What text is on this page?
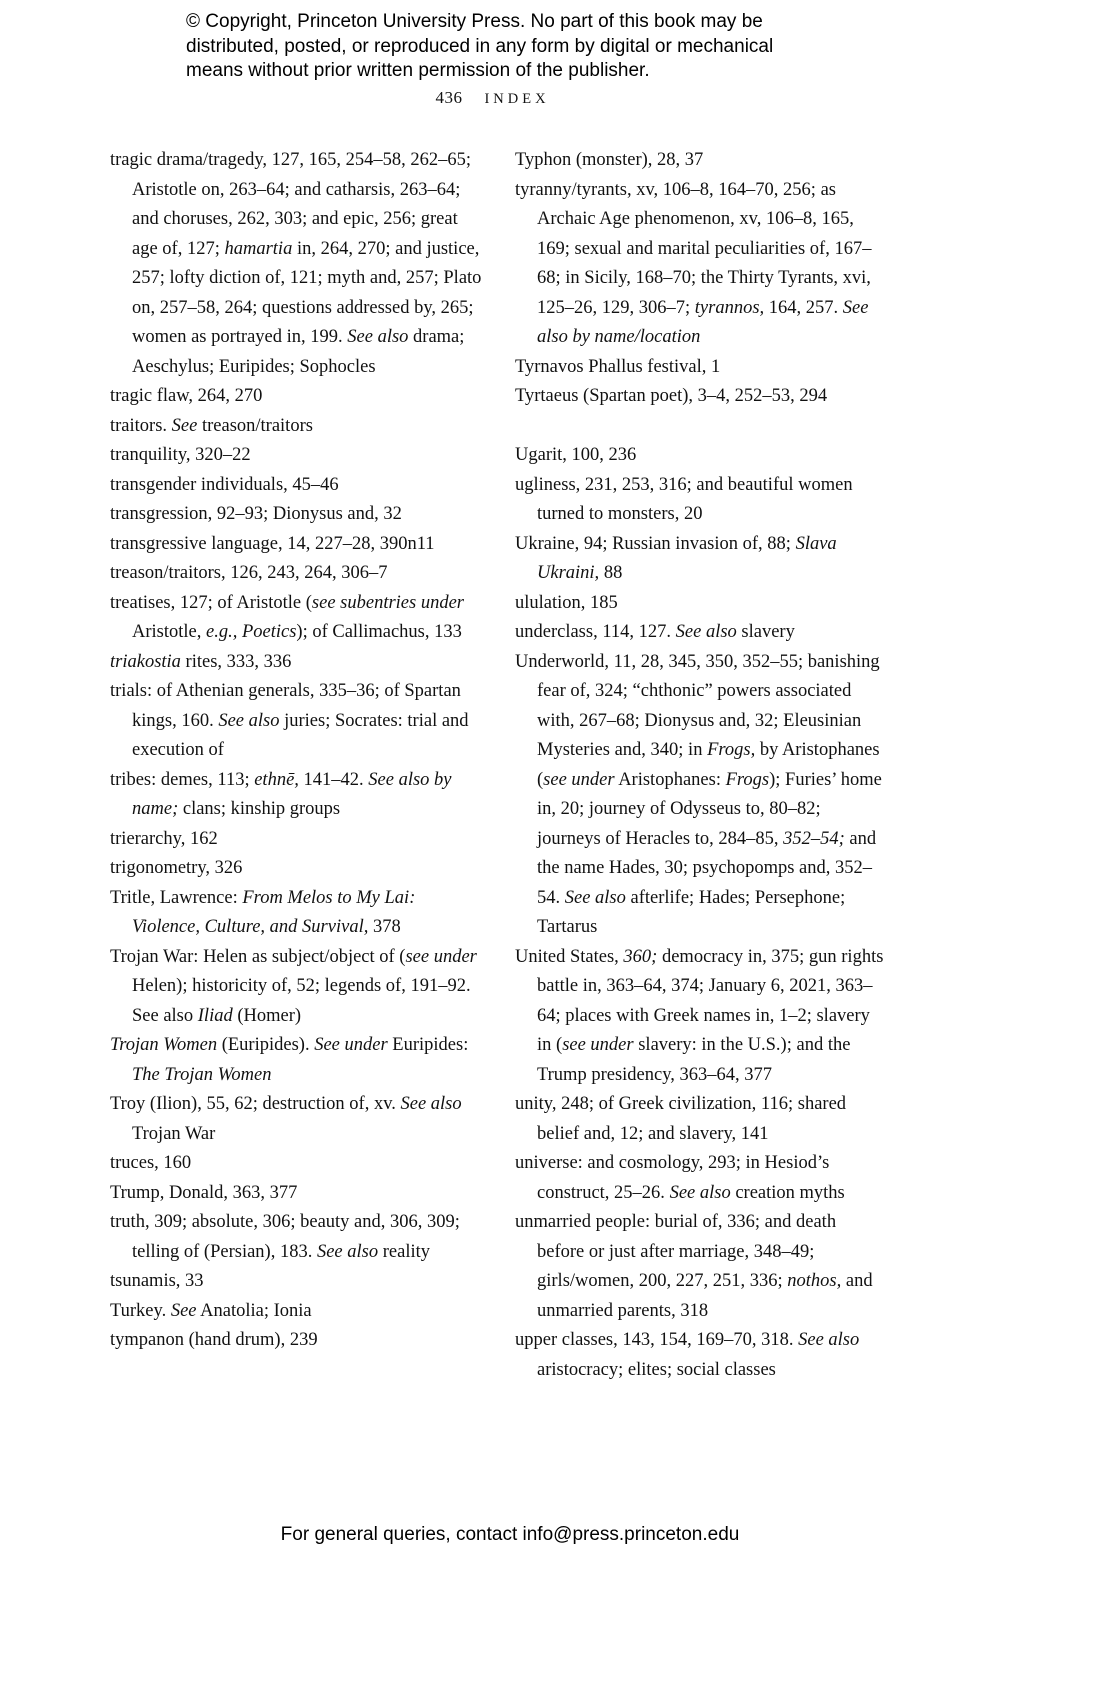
© Copyright, Princeton University Press. No part of this book may be
distributed, posted, or reproduced in any form by digital or mechanical
means without prior written permission of the publisher.
436 INDEX

tragic drama/tragedy, 127, 165, 254–58, 262–65; Aristotle on, 263–64; and catharsis, 263–64; and choruses, 262, 303; and epic, 256; great age of, 127; hamartia in, 264, 270; and justice, 257; lofty diction of, 121; myth and, 257; Plato on, 257–58, 264; questions addressed by, 265; women as portrayed in, 199. See also drama; Aeschylus; Euripides; Sophocles

tragic flaw, 264, 270

traitors. See treason/traitors

tranquility, 320–22

transgender individuals, 45–46

transgression, 92–93; Dionysus and, 32

transgressive language, 14, 227–28, 390n11

treason/traitors, 126, 243, 264, 306–7

treatises, 127; of Aristotle (see subentries under Aristotle, e.g., Poetics); of Callimachus, 133

triakostia rites, 333, 336

trials: of Athenian generals, 335–36; of Spartan kings, 160. See also juries; Socrates: trial and execution of

tribes: demes, 113; ethnē, 141–42. See also by name; clans; kinship groups

trierarchy, 162

trigonometry, 326

Tritle, Lawrence: From Melos to My Lai: Violence, Culture, and Survival, 378

Trojan War: Helen as subject/object of (see under Helen); historicity of, 52; legends of, 191–92. See also Iliad (Homer)

Trojan Women (Euripides). See under Euripides: The Trojan Women

Troy (Ilion), 55, 62; destruction of, xv. See also Trojan War

truces, 160

Trump, Donald, 363, 377

truth, 309; absolute, 306; beauty and, 306, 309; telling of (Persian), 183. See also reality

tsunamis, 33

Turkey. See Anatolia; Ionia

tympanon (hand drum), 239

Typhon (monster), 28, 37

tyranny/tyrants, xv, 106–8, 164–70, 256; as Archaic Age phenomenon, xv, 106–8, 165, 169; sexual and marital peculiarities of, 167–68; in Sicily, 168–70; the Thirty Tyrants, xvi, 125–26, 129, 306–7; tyrannos, 164, 257. See also by name/location

Tyrnavos Phallus festival, 1

Tyrtaeus (Spartan poet), 3–4, 252–53, 294

Ugarit, 100, 236

ugliness, 231, 253, 316; and beautiful women turned to monsters, 20

Ukraine, 94; Russian invasion of, 88; Slava Ukraini, 88

ululation, 185

underclass, 114, 127. See also slavery

Underworld, 11, 28, 345, 350, 352–55; banishing fear of, 324; “chthonic” powers associated with, 267–68; Dionysus and, 32; Eleusinian Mysteries and, 340; in Frogs, by Aristophanes (see under Aristophanes: Frogs); Furies’ home in, 20; journey of Odysseus to, 80–82; journeys of Heracles to, 284–85, 352–54; and the name Hades, 30; psychopomps and, 352–54. See also afterlife; Hades; Persephone; Tartarus

United States, 360; democracy in, 375; gun rights battle in, 363–64, 374; January 6, 2021, 363–64; places with Greek names in, 1–2; slavery in (see under slavery: in the U.S.); and the Trump presidency, 363–64, 377

unity, 248; of Greek civilization, 116; shared belief and, 12; and slavery, 141

universe: and cosmology, 293; in Hesiod’s construct, 25–26. See also creation myths

unmarried people: burial of, 336; and death before or just after marriage, 348–49; girls/women, 200, 227, 251, 336; nothos, and unmarried parents, 318

upper classes, 143, 154, 169–70, 318. See also aristocracy; elites; social classes

For general queries, contact info@press.princeton.edu
